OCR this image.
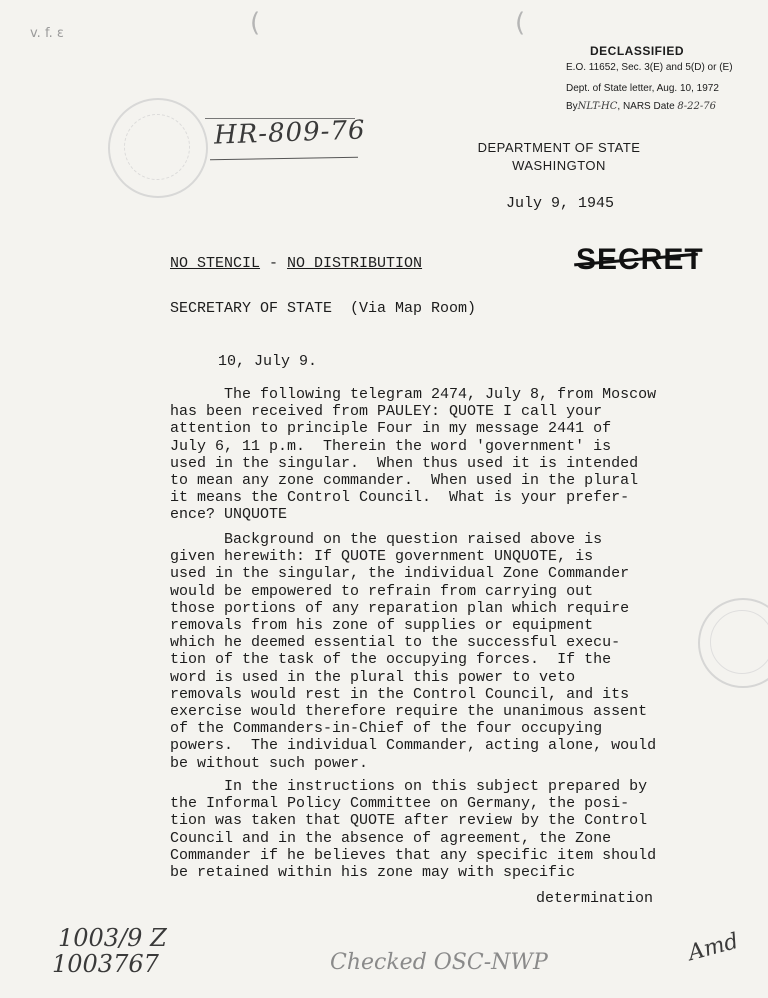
v. f. ɛ	(	(
DECLASSIFIED
E.O. 11652, Sec. 3(E) and 5(D) or (E)
Dept. of State letter, Aug. 10, 1972
ByNLT-HC, NARS Date 8-22-76

HR-809-76	DEPARTMENT OF STATE
WASHINGTON
July 9, 1945
NO STENCIL - NO DISTRIBUTION	SECRET
SECRETARY OF STATE  (Via Map Room)
10, July 9.
The following telegram 2474, July 8, from Moscow
has been received from PAULEY: QUOTE I call your
attention to principle Four in my message 2441 of
July 6, 11 p.m.  Therein the word 'government' is
used in the singular.  When thus used it is intended
to mean any zone commander.  When used in the plural
it means the Control Council.  What is your prefer-
ence? UNQUOTE
Background on the question raised above is
given herewith: If QUOTE government UNQUOTE, is
used in the singular, the individual Zone Commander
would be empowered to refrain from carrying out
those portions of any reparation plan which require
removals from his zone of supplies or equipment
which he deemed essential to the successful execu-
tion of the task of the occupying forces.  If the
word is used in the plural this power to veto
removals would rest in the Control Council, and its
exercise would therefore require the unanimous assent
of the Commanders-in-Chief of the four occupying
powers.  The individual Commander, acting alone, would
be without such power.
In the instructions on this subject prepared by
the Informal Policy Committee on Germany, the posi-
tion was taken that QUOTE after review by the Control
Council and in the absence of agreement, the Zone
Commander if he believes that any specific item should
be retained within his zone may with specific
determination

1003/9 Z
1003767	Checked OSC-NWP	Amd
